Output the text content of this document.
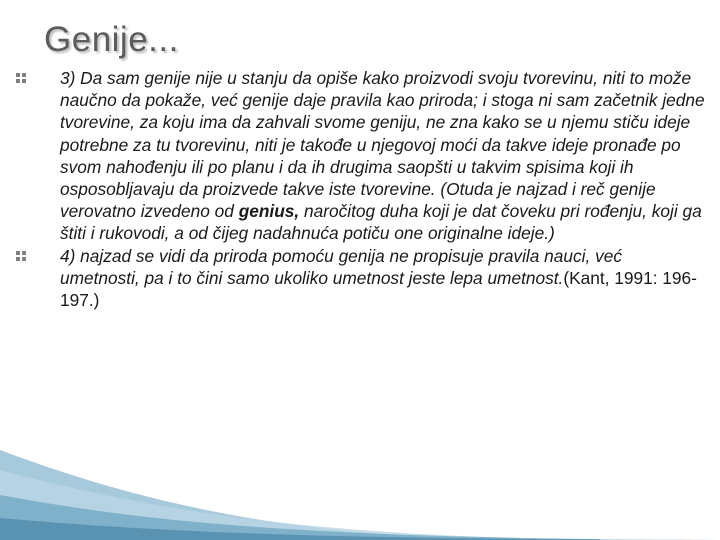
Genije...
3) Da sam genije nije u stanju da opiše kako proizvodi svoju tvorevinu, niti to može naučno da pokaže, već genije daje pravila kao priroda; i stoga ni sam začetnik jedne tvorevine, za koju ima da zahvali svome geniju, ne zna kako se u njemu stiču ideje potrebne za tu tvorevinu, niti je takođe u njegovoj moći da takve ideje pronađe po svom nahođenju ili po planu i da ih drugima saopšti u takvim spisima koji ih osposobljavaju da proizvede takve iste tvorevine. (Otuda je najzad i reč genije verovatno izvedeno od genius, naročitog duha koji je dat čoveku pri rođenju, koji ga štiti i rukovodi, a od čijeg nadahnuća potiču one originalne ideje.)
4) najzad se vidi da priroda pomoću genija ne propisuje pravila nauci, već umetnosti, pa i to čini samo ukoliko umetnost jeste lepa umetnost.(Kant, 1991: 196-197.)
